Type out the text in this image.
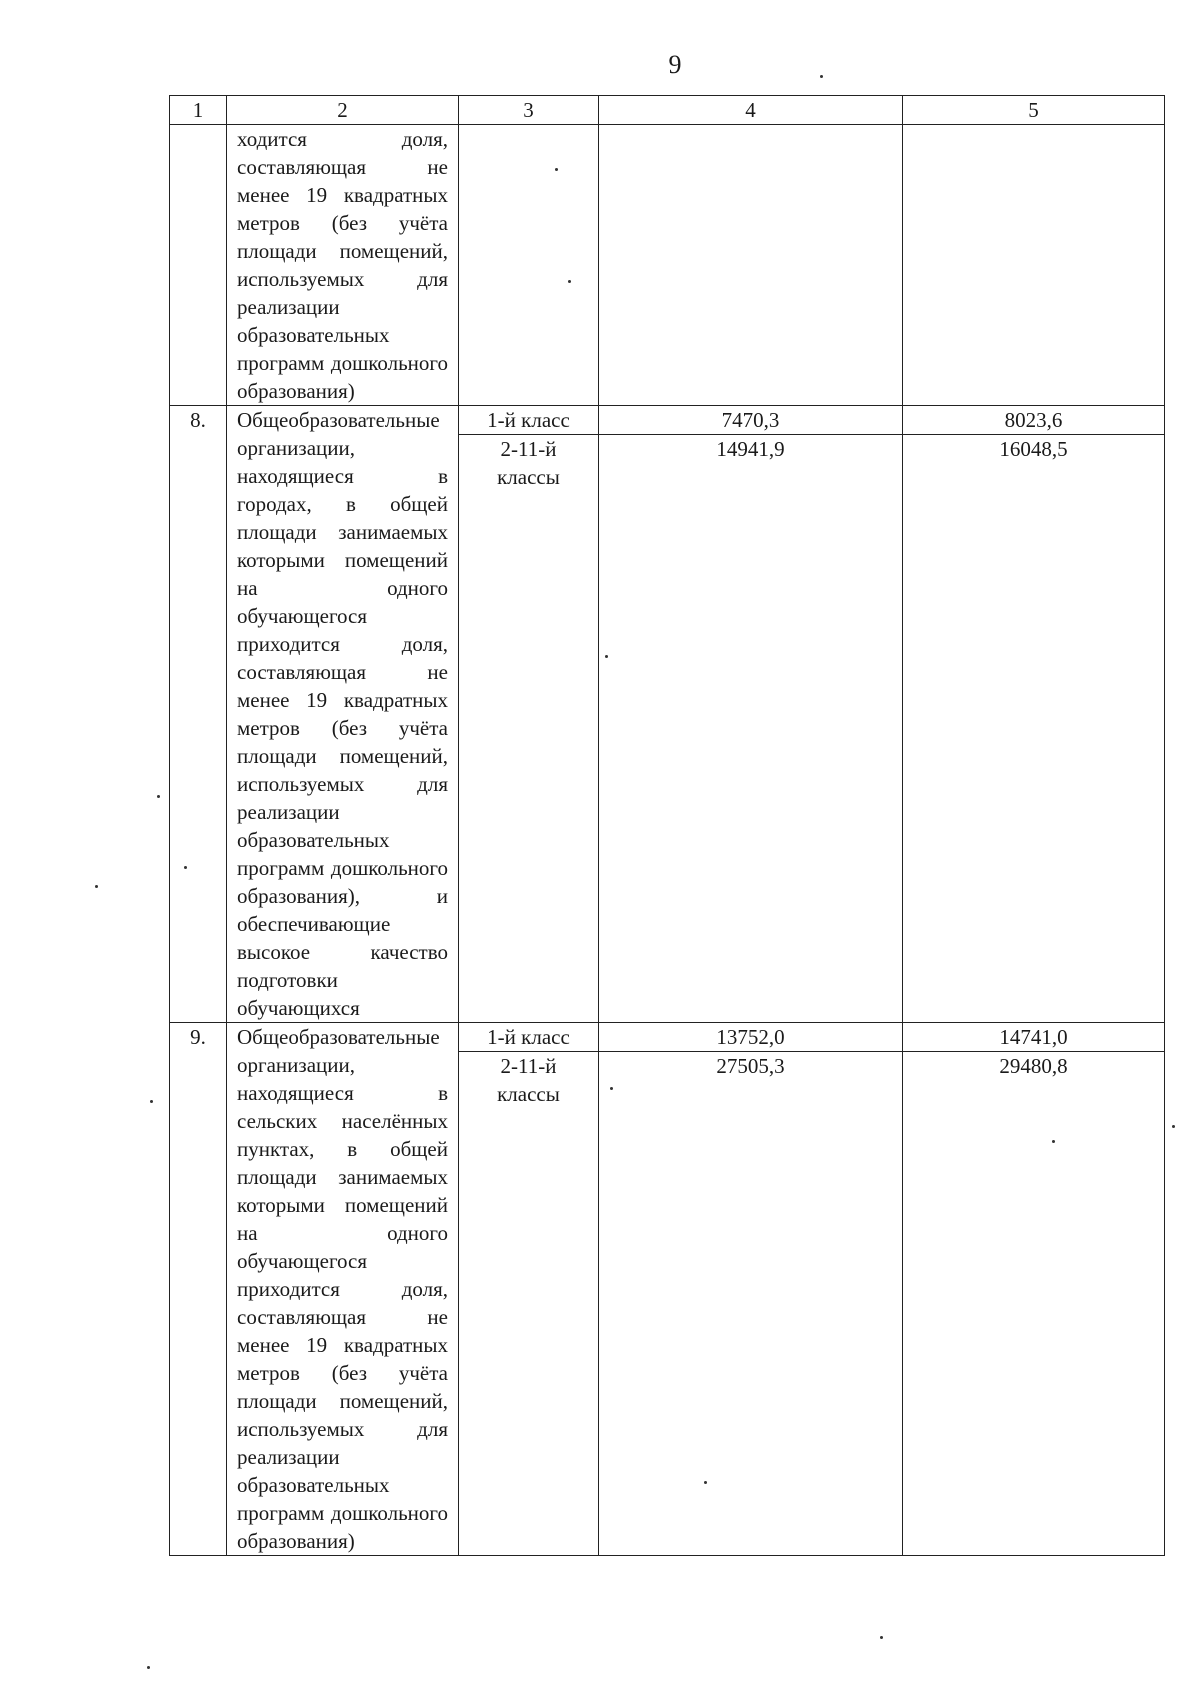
9
1	2	3	4	5

	ходится доля, составляющая не менее 19 квадратных метров (без учёта площади помещений, используемых для реализации образовательных программ дошкольного образования)			

8.	Общеобразовательные организации, находящиеся в городах, в общей площади занимаемых которыми помещений на одного обучающегося приходится доля, составляющая не менее 19 квадратных метров (без учёта площади помещений, используемых для реализации образовательных программ дошкольного образования), и обеспечивающие высокое качество подготовки обучающихся	1-й класс	7470,3	8023,6

		2-11-й классы	14941,9	16048,5
9.	Общеобразовательные организации, находящиеся в сельских населённых пунктах, в общей площади занимаемых которыми помещений на одного обучающегося приходится доля, составляющая не менее 19 квадратных метров (без учёта площади помещений, используемых для реализации образовательных программ дошкольного образования)	1-й класс	13752,0	14741,0

		2-11-й классы	27505,3	29480,8
